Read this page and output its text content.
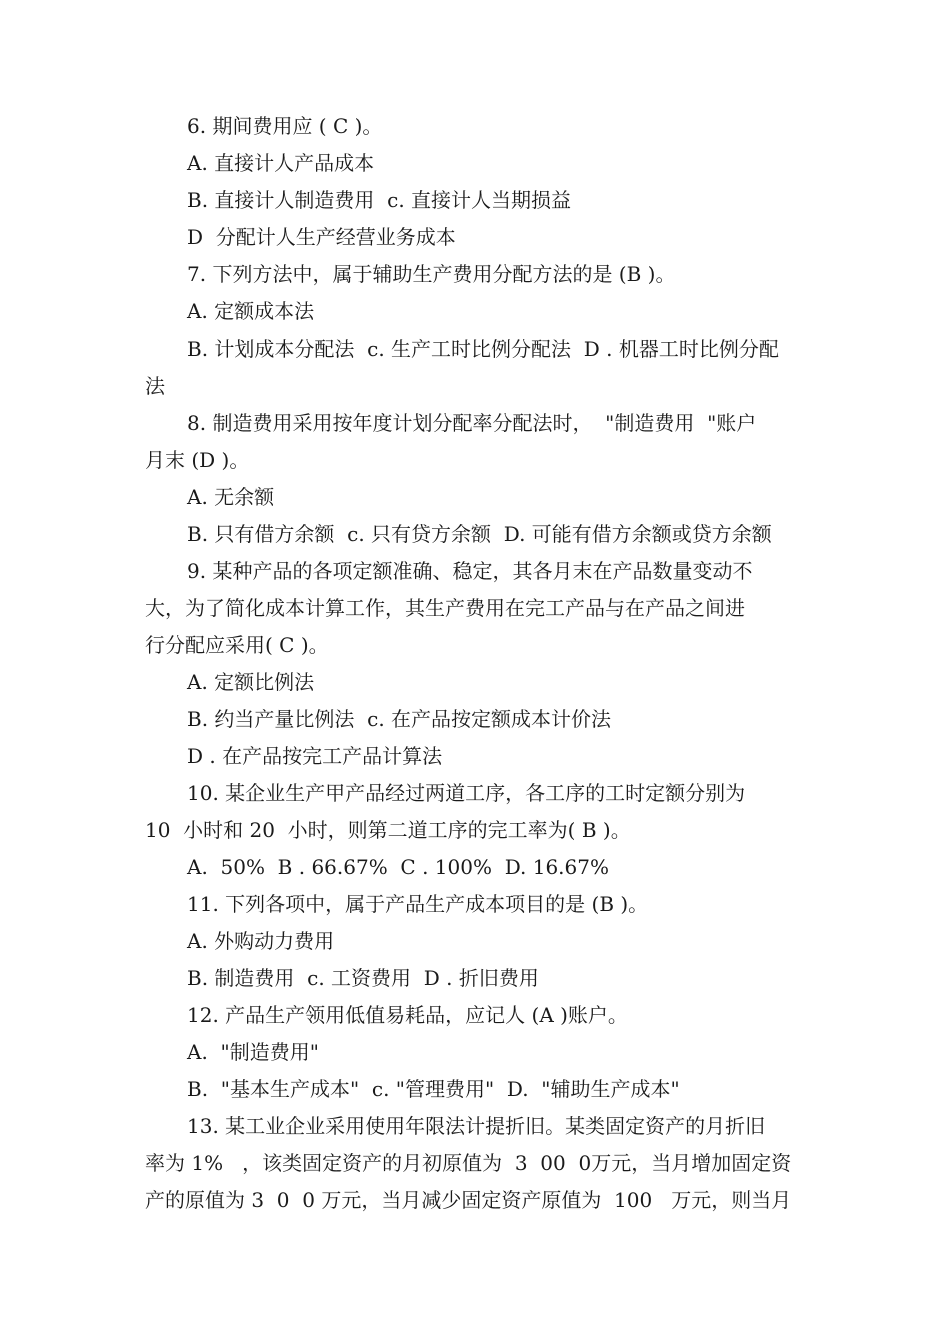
6. 期间费用应 ( C )。
A. 直接计人产品成本
B. 直接计人制造费用  c. 直接计人当期损益
D  分配计人生产经营业务成本
7. 下列方法中，属于辅助生产费用分配方法的是 (B )。
A. 定额成本法
B. 计划成本分配法  c. 生产工时比例分配法  D . 机器工时比例分配
法
8. 制造费用采用按年度计划分配率分配法时，  "制造费用  "账户
月末 (D )。
A. 无余额
B. 只有借方余额  c. 只有贷方余额  D. 可能有借方余额或贷方余额
9. 某种产品的各项定额准确、稳定，其各月末在产品数量变动不
大，为了简化成本计算工作，其生产费用在完工产品与在产品之间进
行分配应采用( C )。
A. 定额比例法
B. 约当产量比例法  c. 在产品按定额成本计价法
D . 在产品按完工产品计算法
10. 某企业生产甲产品经过两道工序，各工序的工时定额分别为
10  小时和 20  小时，则第二道工序的完工率为( B )。
A.  50%  B . 66.67%  C . 100%  D. 16.67%
11. 下列各项中，属于产品生产成本项目的是 (B )。
A. 外购动力费用
B. 制造费用  c. 工资费用  D . 折旧费用
12. 产品生产领用低值易耗品，应记人 (A )账户。
A.  "制造费用"
B.  "基本生产成本"  c. "管理费用"  D.  "辅助生产成本"
13. 某工业企业采用使用年限法计提折旧。某类固定资产的月折旧
率为 1%   ，该类固定资产的月初原值为  3  00  0万元，当月增加固定资
产的原值为 3  0  0 万元，当月减少固定资产原值为  100   万元，则当月
